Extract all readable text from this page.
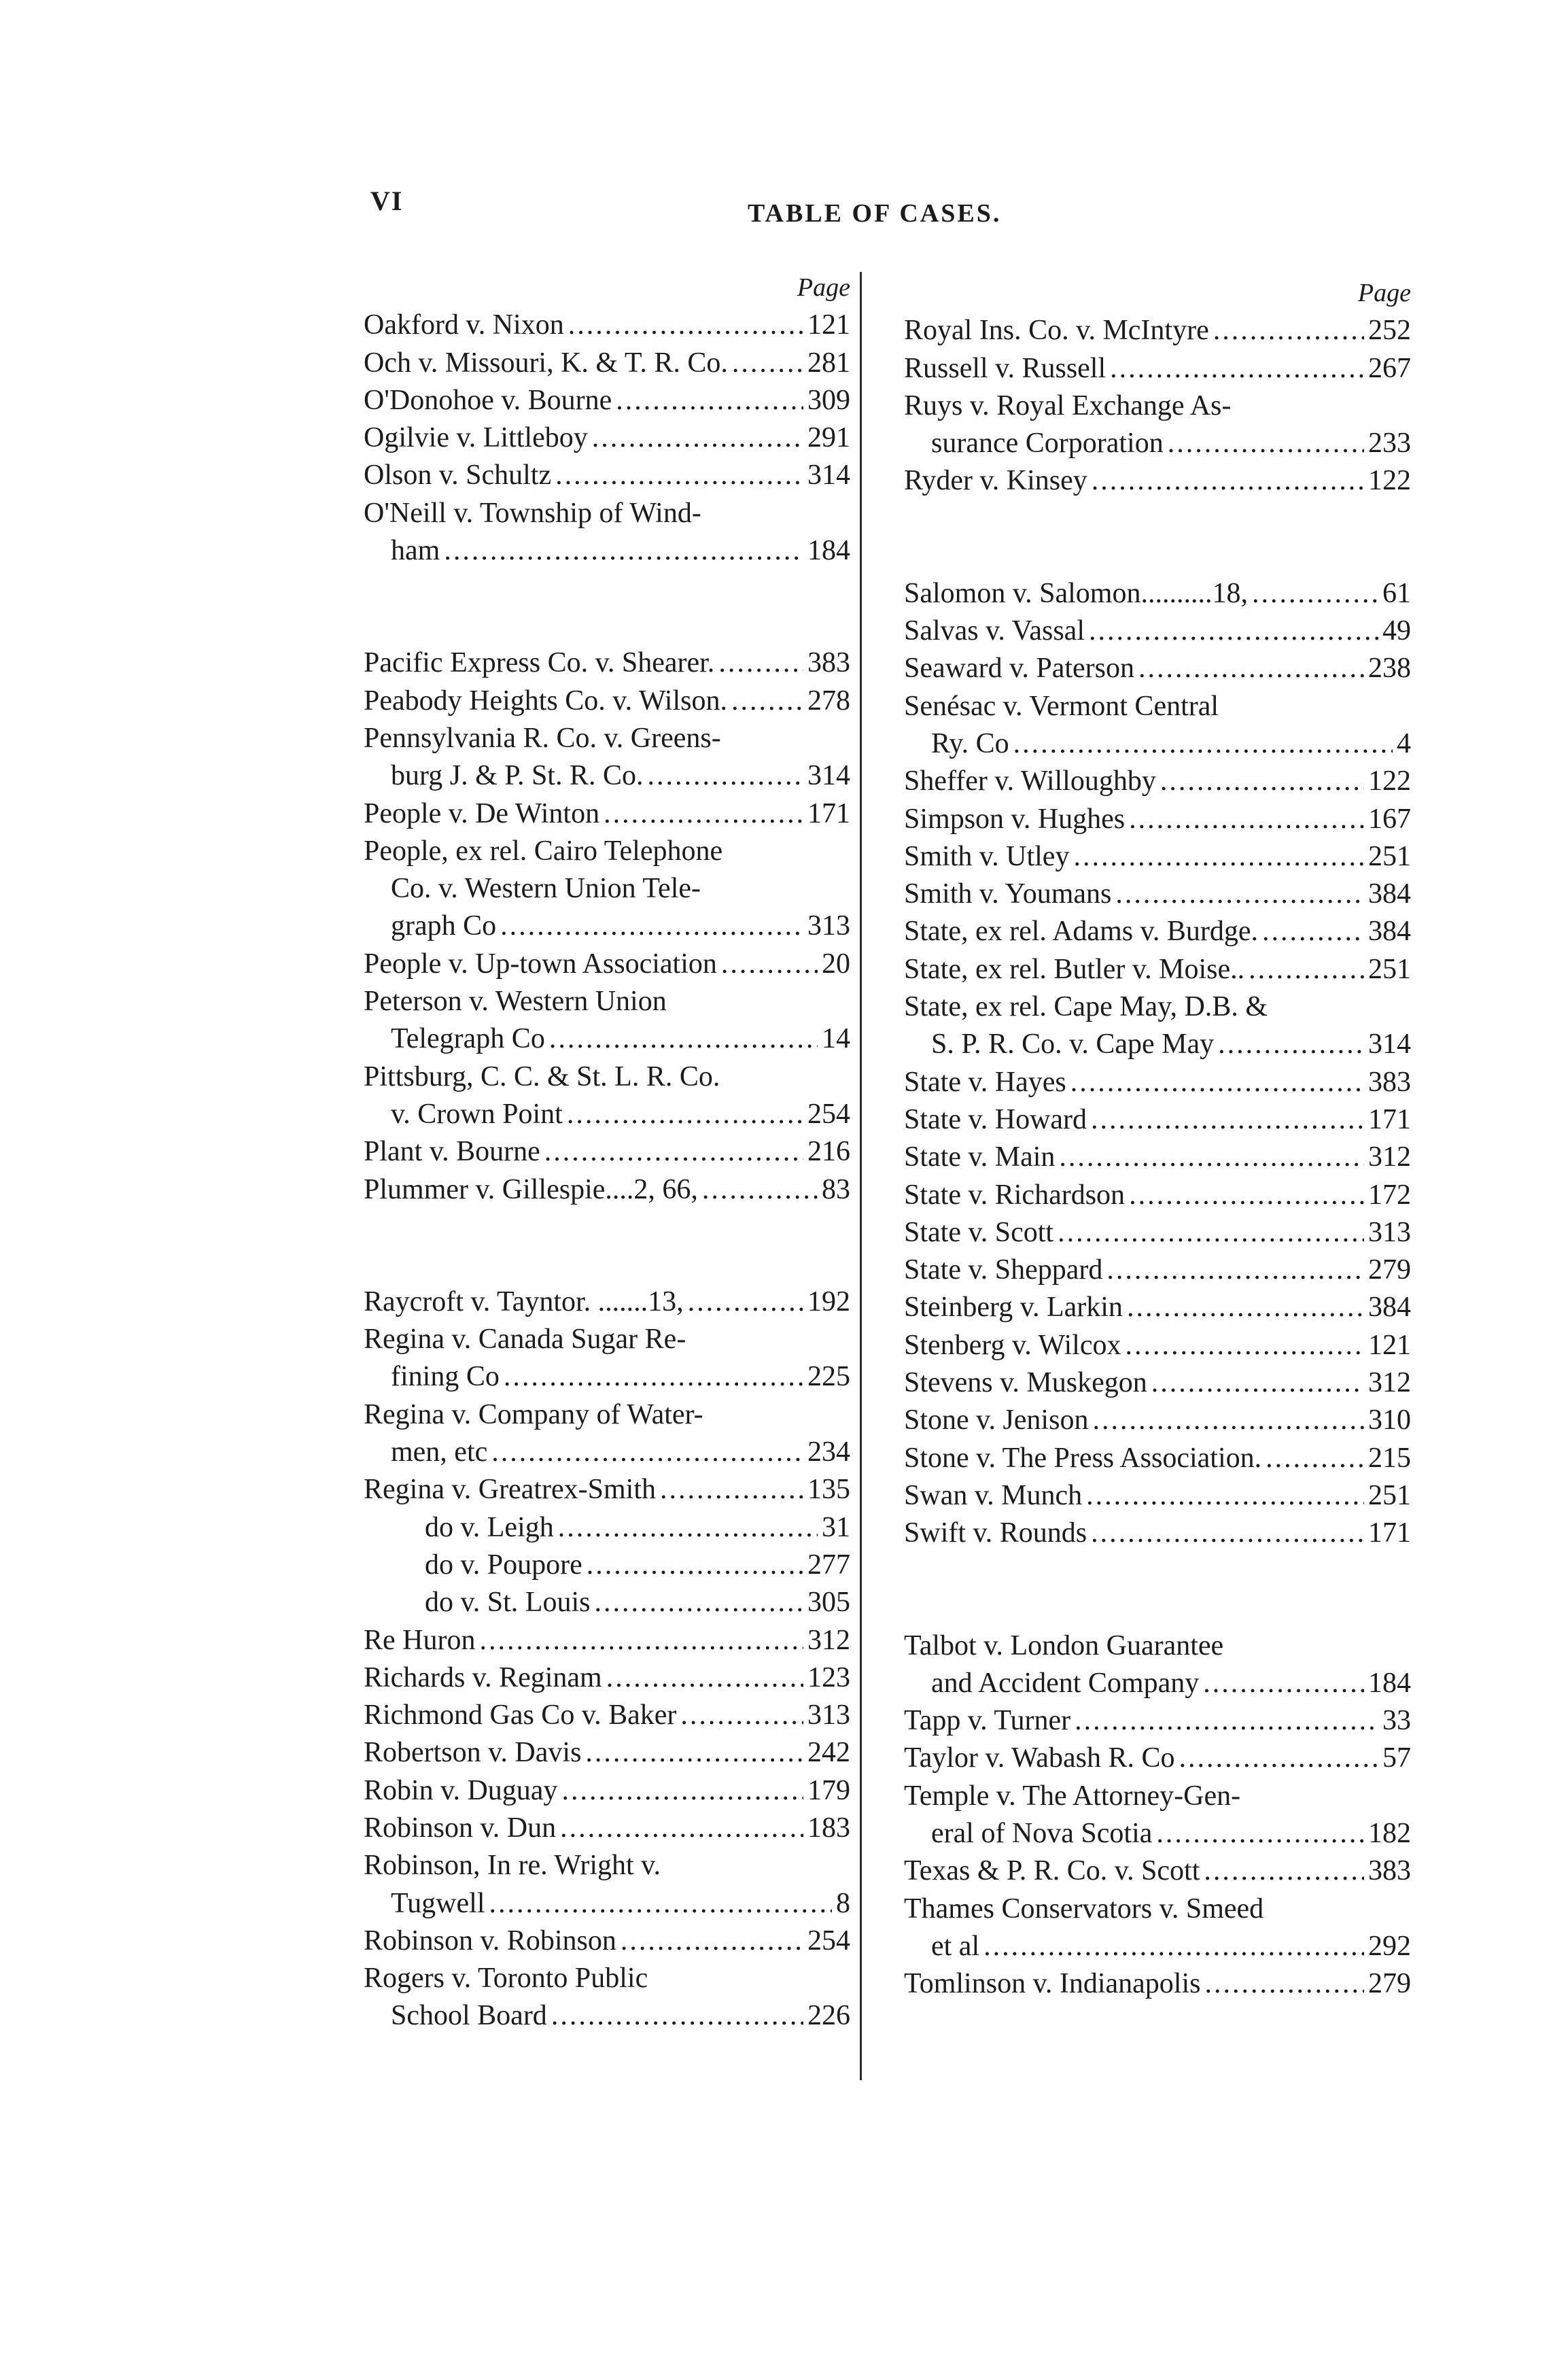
VI	TABLE OF CASES.
Page
Oakford v. Nixon .....	121
Och v. Missouri, K. & T. R. Co. .....	281
O'Donohoe v. Bourne .....	309
Ogilvie v. Littleboy .....	291
Olson v. Schultz .....	314
O'Neill v. Township of Wind-
ham .....	184
Pacific Express Co. v. Shearer. .....	383
Peabody Heights Co. v. Wilson. .....	278
Pennsylvania R. Co. v. Greens-
burg J. & P. St. R. Co. .....	314
People v. De Winton .....	171
People, ex rel. Cairo Telephone
Co. v. Western Union Tele-
graph Co .....	313
People v. Up-town Association .....	20
Peterson v. Western Union
Telegraph Co .....	14
Pittsburg, C. C. & St. L. R. Co.
v. Crown Point .....	254
Plant v. Bourne .....	216
Plummer v. Gillespie....2, 66, .....	83
Raycroft v. Tayntor. .......13, .....	192
Regina v. Canada Sugar Re-
fining Co .....	225
Regina v. Company of Water-
men, etc .....	234
Regina v. Greatrex-Smith .....	135
do v. Leigh .....	31
do v. Poupore .....	277
do v. St. Louis .....	305
Re Huron .....	312
Richards v. Reginam .....	123
Richmond Gas Co v. Baker .....	313
Robertson v. Davis .....	242
Robin v. Duguay .....	179
Robinson v. Dun .....	183
Robinson, In re. Wright v.
Tugwell .....	8
Robinson v. Robinson .....	254
Rogers v. Toronto Public
School Board .....	226
Page
Royal Ins. Co. v. McIntyre .....	252
Russell v. Russell .....	267
Ruys v. Royal Exchange As-
surance Corporation .....	233
Ryder v. Kinsey .....	122
Salomon v. Salomon..........18, .....	61
Salvas v. Vassal .....	49
Seaward v. Paterson .....	238
Senésac v. Vermont Central
Ry. Co .....	4
Sheffer v. Willoughby .....	122
Simpson v. Hughes .....	167
Smith v. Utley .....	251
Smith v. Youmans .....	384
State, ex rel. Adams v. Burdge. .....	384
State, ex rel. Butler v. Moise.. .....	251
State, ex rel. Cape May, D.B. &
S. P. R. Co. v. Cape May .....	314
State v. Hayes .....	383
State v. Howard .....	171
State v. Main .....	312
State v. Richardson .....	172
State v. Scott .....	313
State v. Sheppard .....	279
Steinberg v. Larkin .....	384
Stenberg v. Wilcox .....	121
Stevens v. Muskegon .....	312
Stone v. Jenison .....	310
Stone v. The Press Association. .....	215
Swan v. Munch .....	251
Swift v. Rounds .....	171
Talbot v. London Guarantee
and Accident Company .....	184
Tapp v. Turner .....	33
Taylor v. Wabash R. Co .....	57
Temple v. The Attorney-Gen-
eral of Nova Scotia .....	182
Texas & P. R. Co. v. Scott .....	383
Thames Conservators v. Smeed
et al .....	292
Tomlinson v. Indianapolis .....	279
